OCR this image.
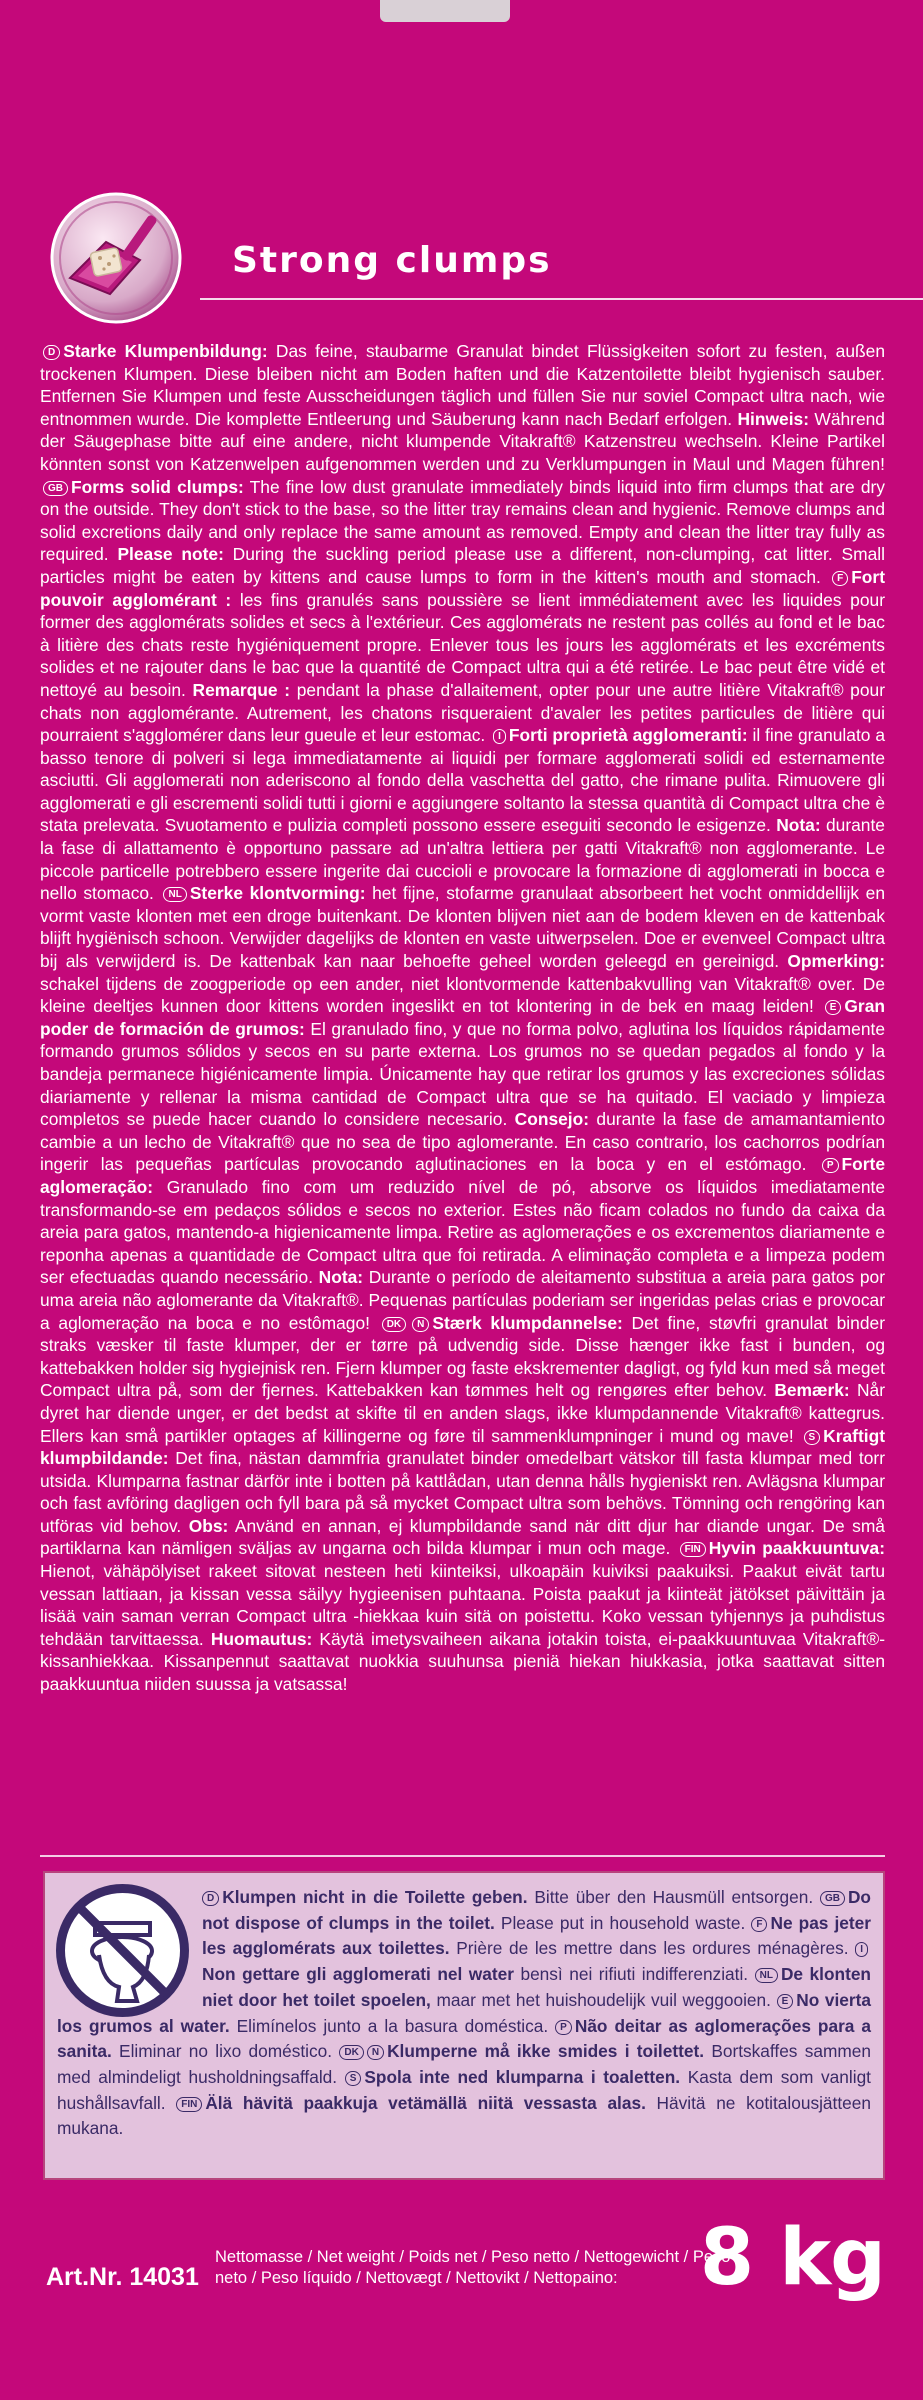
Strong clumps
D Starke Klumpenbildung: Das feine, staubarme Granulat bindet Flüssigkeiten sofort zu festen, außen trockenen Klumpen. Diese bleiben nicht am Boden haften und die Katzentoilette bleibt hygienisch sauber. Entfernen Sie Klumpen und feste Ausscheidungen täglich und füllen Sie nur soviel Compact ultra nach, wie entnommen wurde. Die komplette Entleerung und Säuberung kann nach Bedarf erfolgen. Hinweis: Während der Säugephase bitte auf eine andere, nicht klumpende Vitakraft® Katzenstreu wechseln. Kleine Partikel könnten sonst von Katzenwelpen aufgenommen werden und zu Verklumpungen in Maul und Magen führen! GB Forms solid clumps: The fine low dust granulate immediately binds liquid into firm clumps that are dry on the outside. They don't stick to the base, so the litter tray remains clean and hygienic. Remove clumps and solid excretions daily and only replace the same amount as removed. Empty and clean the litter tray fully as required. Please note: During the suckling period please use a different, non-clumping, cat litter. Small particles might be eaten by kittens and cause lumps to form in the kitten's mouth and stomach. F Fort pouvoir agglomérant : les fins granulés sans poussière se lient immédiatement avec les liquides pour former des agglomérats solides et secs à l'extérieur. Ces agglomérats ne restent pas collés au fond et le bac à litière des chats reste hygiéniquement propre. Enlever tous les jours les agglomérats et les excréments solides et ne rajouter dans le bac que la quantité de Compact ultra qui a été retirée. Le bac peut être vidé et nettoyé au besoin. Remarque : pendant la phase d'allaitement, opter pour une autre litière Vitakraft® pour chats non agglomérante. Autrement, les chatons risqueraient d'avaler les petites particules de litière qui pourraient s'agglomérer dans leur gueule et leur estomac. I Forti proprietà agglomeranti: il fine granulato a basso tenore di polveri si lega immediatamente ai liquidi per formare agglomerati solidi ed esternamente asciutti. Gli agglomerati non aderiscono al fondo della vaschetta del gatto, che rimane pulita. Rimuovere gli agglomerati e gli escrementi solidi tutti i giorni e aggiungere soltanto la stessa quantità di Compact ultra che è stata prelevata. Svuotamento e pulizia completi possono essere eseguiti secondo le esigenze. Nota: durante la fase di allattamento è opportuno passare ad un'altra lettiera per gatti Vitakraft® non agglomerante. Le piccole particelle potrebbero essere ingerite dai cuccioli e provocare la formazione di agglomerati in bocca e nello stomaco. NL Sterke klontvorming: het fijne, stofarme granulaat absorbeert het vocht onmiddellijk en vormt vaste klonten met een droge buitenkant. De klonten blijven niet aan de bodem kleven en de kattenbak blijft hygiënisch schoon. Verwijder dagelijks de klonten en vaste uitwerpselen. Doe er evenveel Compact ultra bij als verwijderd is. De kattenbak kan naar behoefte geheel worden geleegd en gereinigd. Opmerking: schakel tijdens de zoogperiode op een ander, niet klontvormende kattenbakvulling van Vitakraft® over. De kleine deeltjes kunnen door kittens worden ingeslikt en tot klontering in de bek en maag leiden! E Gran poder de formación de grumos: El granulado fino, y que no forma polvo, aglutina los líquidos rápidamente formando grumos sólidos y secos en su parte externa. Los grumos no se quedan pegados al fondo y la bandeja permanece higiénicamente limpia. Únicamente hay que retirar los grumos y las excreciones sólidas diariamente y rellenar la misma cantidad de Compact ultra que se ha quitado. El vaciado y limpieza completos se puede hacer cuando lo considere necesario. Consejo: durante la fase de amamantamiento cambie a un lecho de Vitakraft® que no sea de tipo aglomerante. En caso contrario, los cachorros podrían ingerir las pequeñas partículas provocando aglutinaciones en la boca y en el estómago. P Forte aglomeração: Granulado fino com um reduzido nível de pó, absorve os líquidos imediatamente transformando-se em pedaços sólidos e secos no exterior. Estes não ficam colados no fundo da caixa da areia para gatos, mantendo-a higienicamente limpa. Retire as aglomerações e os excrementos diariamente e reponha apenas a quantidade de Compact ultra que foi retirada. A eliminação completa e a limpeza podem ser efectuadas quando necessário. Nota: Durante o período de aleitamento substitua a areia para gatos por uma areia não aglomerante da Vitakraft®. Pequenas partículas poderiam ser ingeridas pelas crias e provocar a aglomeração na boca e no estômago! DK N Stærk klumpdannelse: Det fine, støvfri granulat binder straks væsker til faste klumper, der er tørre på udvendig side. Disse hænger ikke fast i bunden, og kattebakken holder sig hygiejnisk ren. Fjern klumper og faste ekskrementer dagligt, og fyld kun med så meget Compact ultra på, som der fjernes. Kattebakken kan tømmes helt og rengøres efter behov. Bemærk: Når dyret har diende unger, er det bedst at skifte til en anden slags, ikke klumpdannende Vitakraft® kattegrus. Ellers kan små partikler optages af killingerne og føre til sammenklumpninger i mund og mave! S Kraftigt klumpbildande: Det fina, nästan dammfria granulatet binder omedelbart vätskor till fasta klumpar med torr utsida. Klumparna fastnar därför inte i botten på kattlådan, utan denna hålls hygieniskt ren. Avlägsna klumpar och fast avföring dagligen och fyll bara på så mycket Compact ultra som behövs. Tömning och rengöring kan utföras vid behov. Obs: Använd en annan, ej klumpbildande sand när ditt djur har diande ungar. De små partiklarna kan nämligen sväljas av ungarna och bilda klumpar i mun och mage. FIN Hyvin paakkuuntuva: Hienot, vähäpölyiset rakeet sitovat nesteen heti kiinteiksi, ulkoapäin kuiviksi paakuiksi. Paakut eivät tartu vessan lattiaan, ja kissan vessa säilyy hygieenisen puhtaana. Poista paakut ja kiinteät jätökset päivittäin ja lisää vain saman verran Compact ultra -hiekkaa kuin sitä on poistettu. Koko vessan tyhjennys ja puhdistus tehdään tarvittaessa. Huomautus: Käytä imetysvaiheen aikana jotakin toista, ei-paakkuuntuvaa Vitakraft®-kissanhiekkaa. Kissanpennut saattavat nuokkia suuhunsa pieniä hiekan hiukkasia, jotka saattavat sitten paakkuuntua niiden suussa ja vatsassa!
D Klumpen nicht in die Toilette geben. Bitte über den Hausmüll entsorgen. GB Do not dispose of clumps in the toilet. Please put in household waste. F Ne pas jeter les agglomérats aux toilettes. Prière de les mettre dans les ordures ménagères. INon gettare gli agglomerati nel water bensì nei rifiuti indifferenziati. NL De klonten niet door het toilet spoelen, maar met het huishoudelijk vuil weggooien. E No vierta los grumos al water. Elimínelos junto a la basura doméstica. P Não deitar as aglomerações para a sanita. Eliminar no lixo doméstico. DK N Klumperne må ikke smides i toilettet. Bortskaffes sammen med almindeligt husholdningsaffald. S Spola inte ned klumparna i toaletten. Kasta dem som vanligt hushållsavfall. FIN Älä hävitä paakkuja vetämällä niitä vessasta alas. Hävitä ne kotitalousjätteen mukana.
Art.Nr. 14031
Nettomasse / Net weight / Poids net / Peso netto / Nettogewicht / Peso neto / Peso líquido / Nettovægt / Nettovikt / Nettopaino:	8 kg
